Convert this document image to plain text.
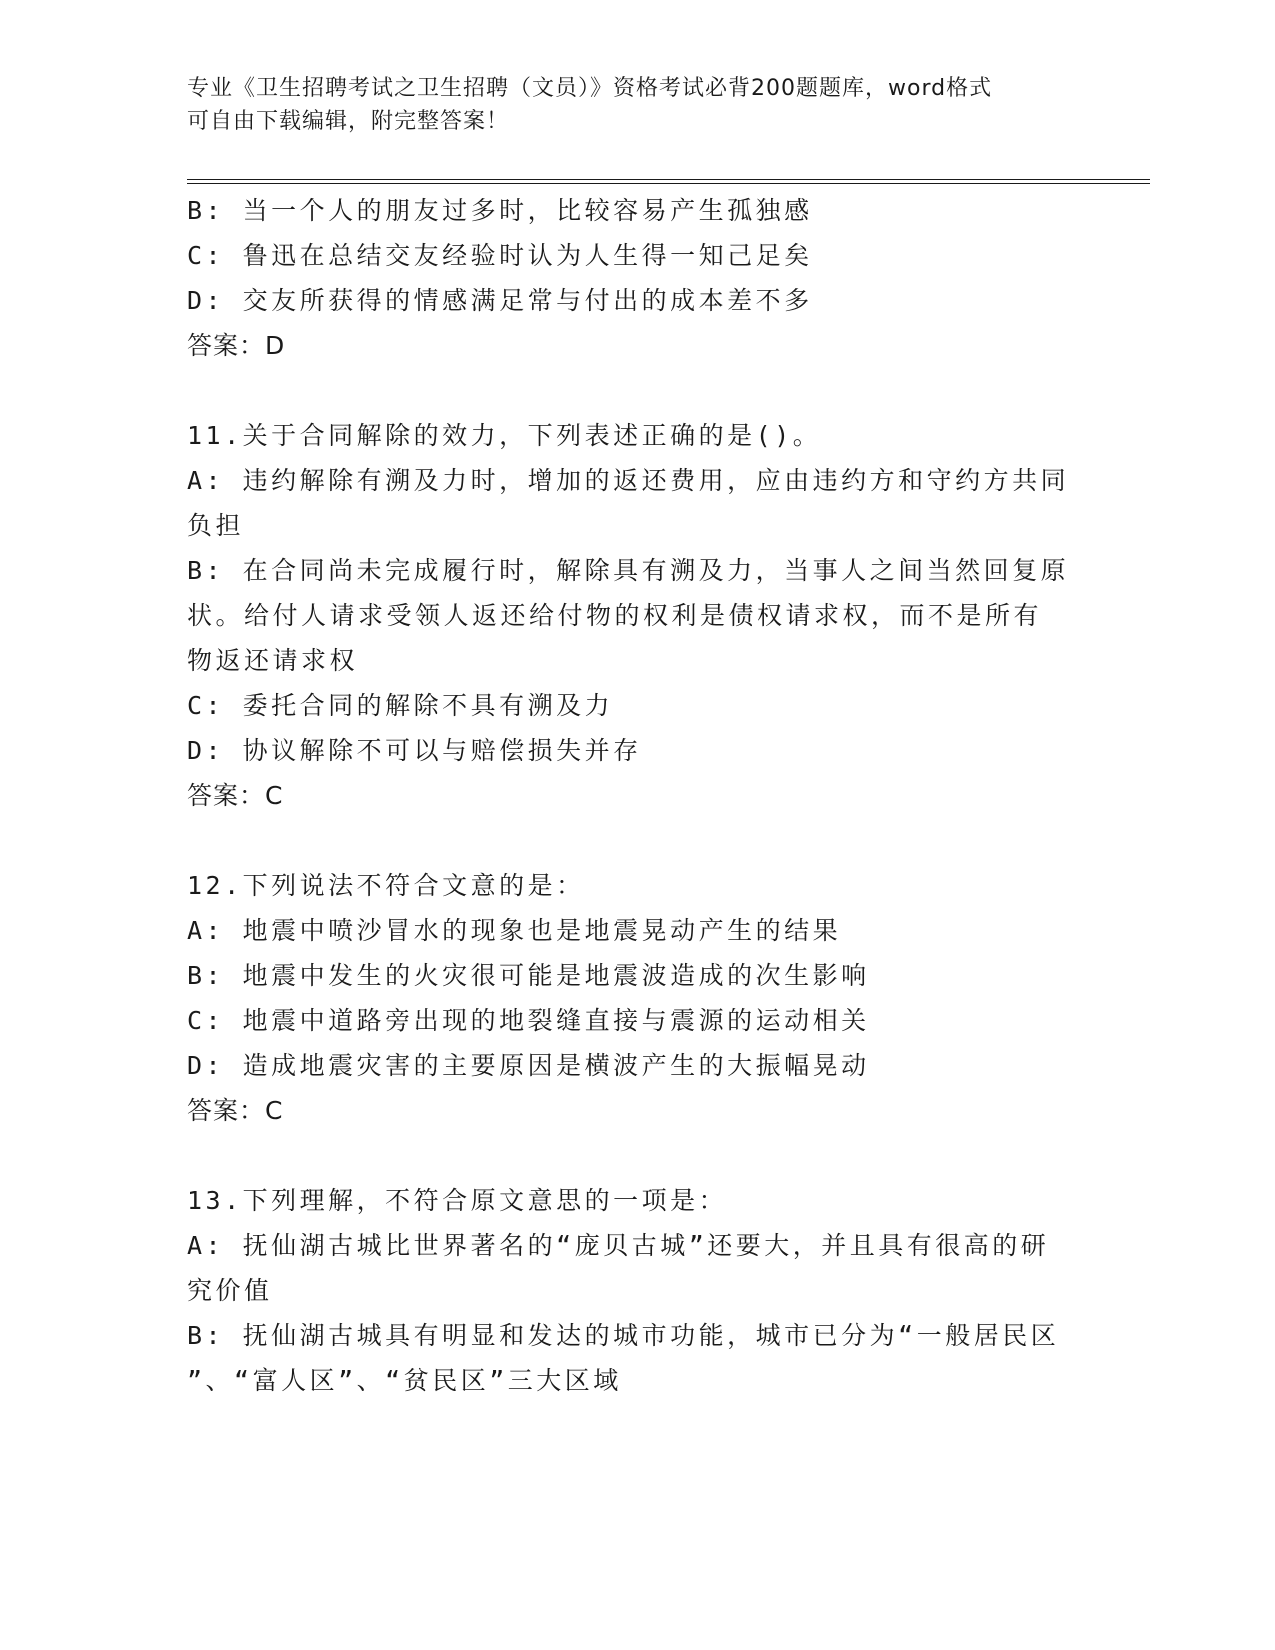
专业《卫生招聘考试之卫生招聘（文员）》资格考试必背200题题库，word格式
可自由下载编辑，附完整答案！
B: 当一个人的朋友过多时，比较容易产生孤独感
C: 鲁迅在总结交友经验时认为人生得一知己足矣
D: 交友所获得的情感满足常与付出的成本差不多
答案：D
11.关于合同解除的效力，下列表述正确的是()。
A: 违约解除有溯及力时，增加的返还费用，应由违约方和守约方共同
负担
B: 在合同尚未完成履行时，解除具有溯及力，当事人之间当然回复原
状。给付人请求受领人返还给付物的权利是债权请求权，而不是所有
物返还请求权
C: 委托合同的解除不具有溯及力
D: 协议解除不可以与赔偿损失并存
答案：C
12.下列说法不符合文意的是：
A: 地震中喷沙冒水的现象也是地震晃动产生的结果
B: 地震中发生的火灾很可能是地震波造成的次生影响
C: 地震中道路旁出现的地裂缝直接与震源的运动相关
D: 造成地震灾害的主要原因是横波产生的大振幅晃动
答案：C
13.下列理解，不符合原文意思的一项是：
A: 抚仙湖古城比世界著名的“庞贝古城”还要大，并且具有很高的研
究价值
B: 抚仙湖古城具有明显和发达的城市功能，城市已分为“一般居民区
”、“富人区”、“贫民区”三大区域
